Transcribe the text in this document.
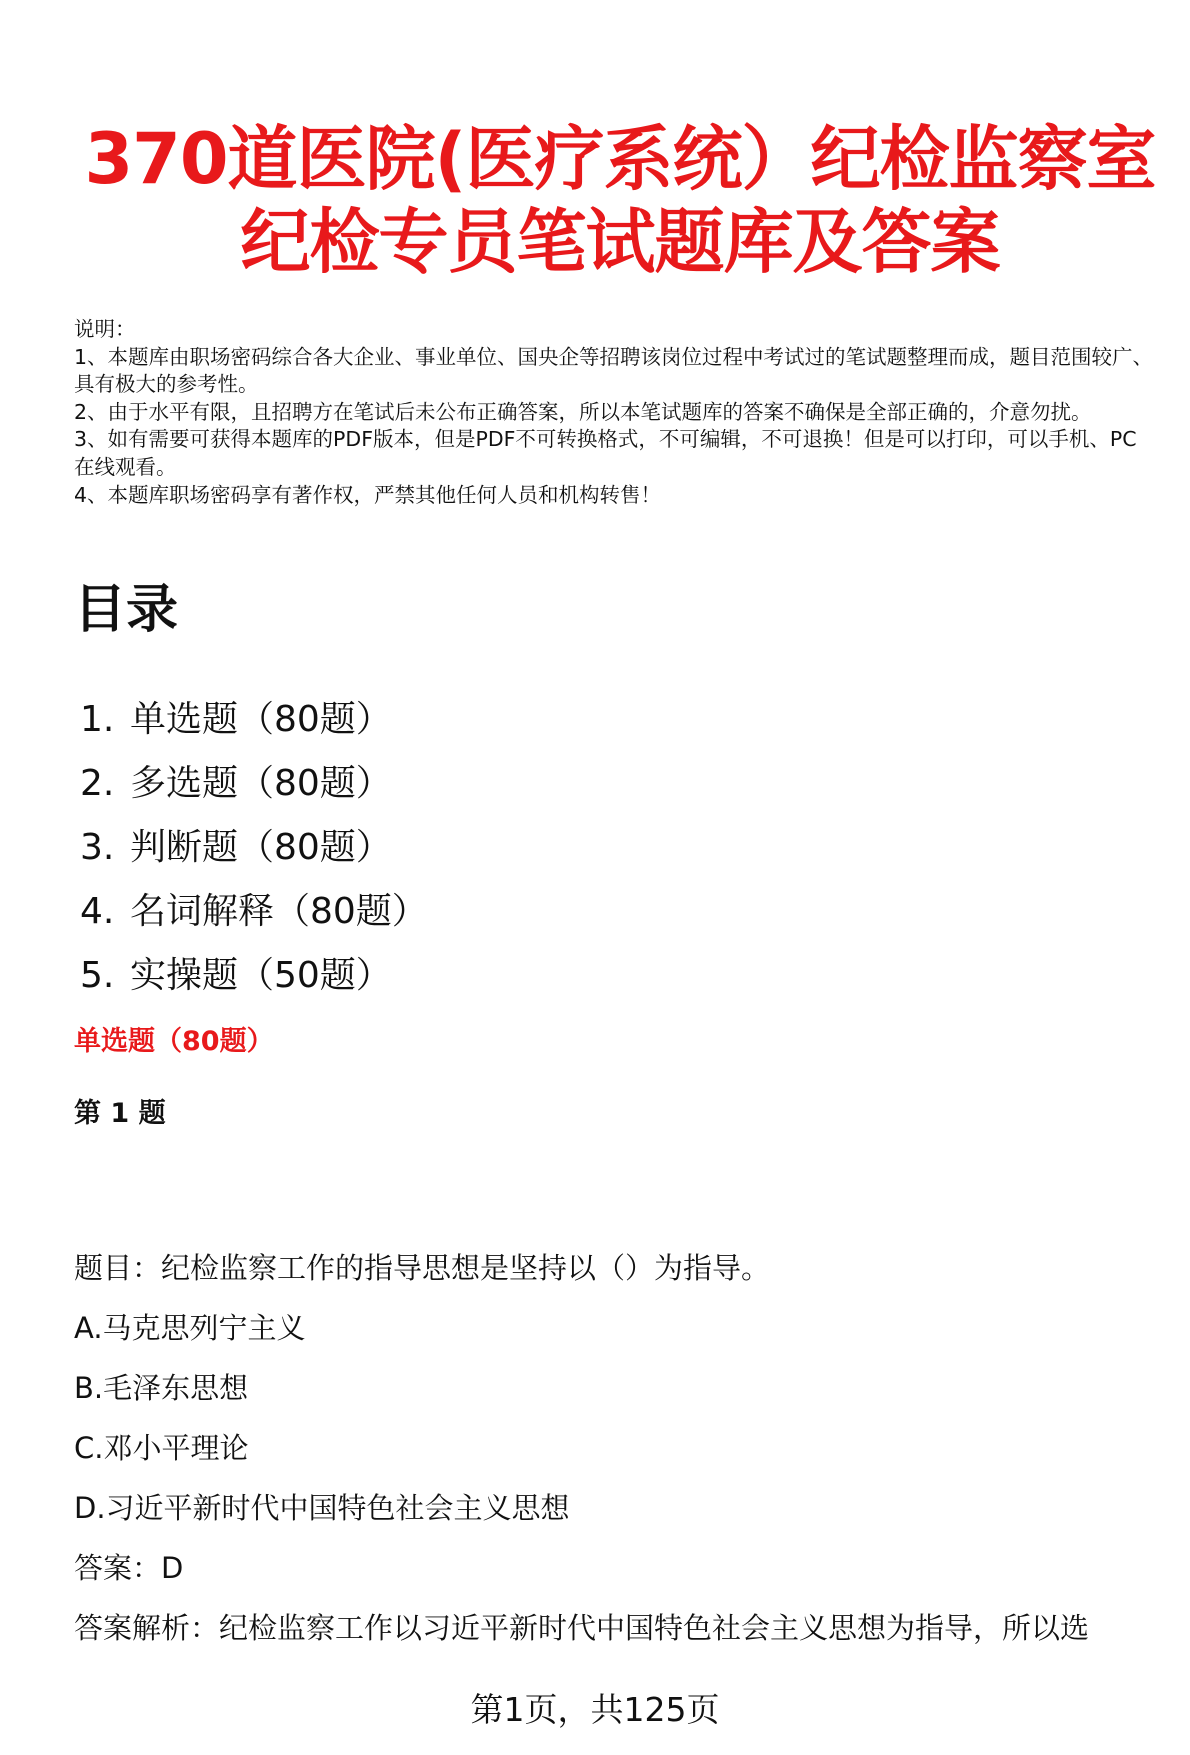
370道医院(医疗系统）纪检监察室
纪检专员笔试题库及答案

说明：

1、本题库由职场密码综合各大企业、事业单位、国央企等招聘该岗位过程中考试过的笔试题整理而成，题目范围较广、具有极大的参考性。

2、由于水平有限，且招聘方在笔试后未公布正确答案，所以本笔试题库的答案不确保是全部正确的，介意勿扰。

3、如有需要可获得本题库的PDF版本，但是PDF不可转换格式，不可编辑，不可退换！但是可以打印，可以手机、PC在线观看。

4、本题库职场密码享有著作权，严禁其他任何人员和机构转售！

目录
1. 单选题（80题）
2. 多选题（80题）
3. 判断题（80题）
4. 名词解释（80题）
5. 实操题（50题）
单选题（80题）
第 1 题

题目：纪检监察工作的指导思想是坚持以（）为指导。

A.马克思列宁主义

B.毛泽东思想

C.邓小平理论

D.习近平新时代中国特色社会主义思想

答案：D

答案解析：纪检监察工作以习近平新时代中国特色社会主义思想为指导，所以选

第1页，共125页
